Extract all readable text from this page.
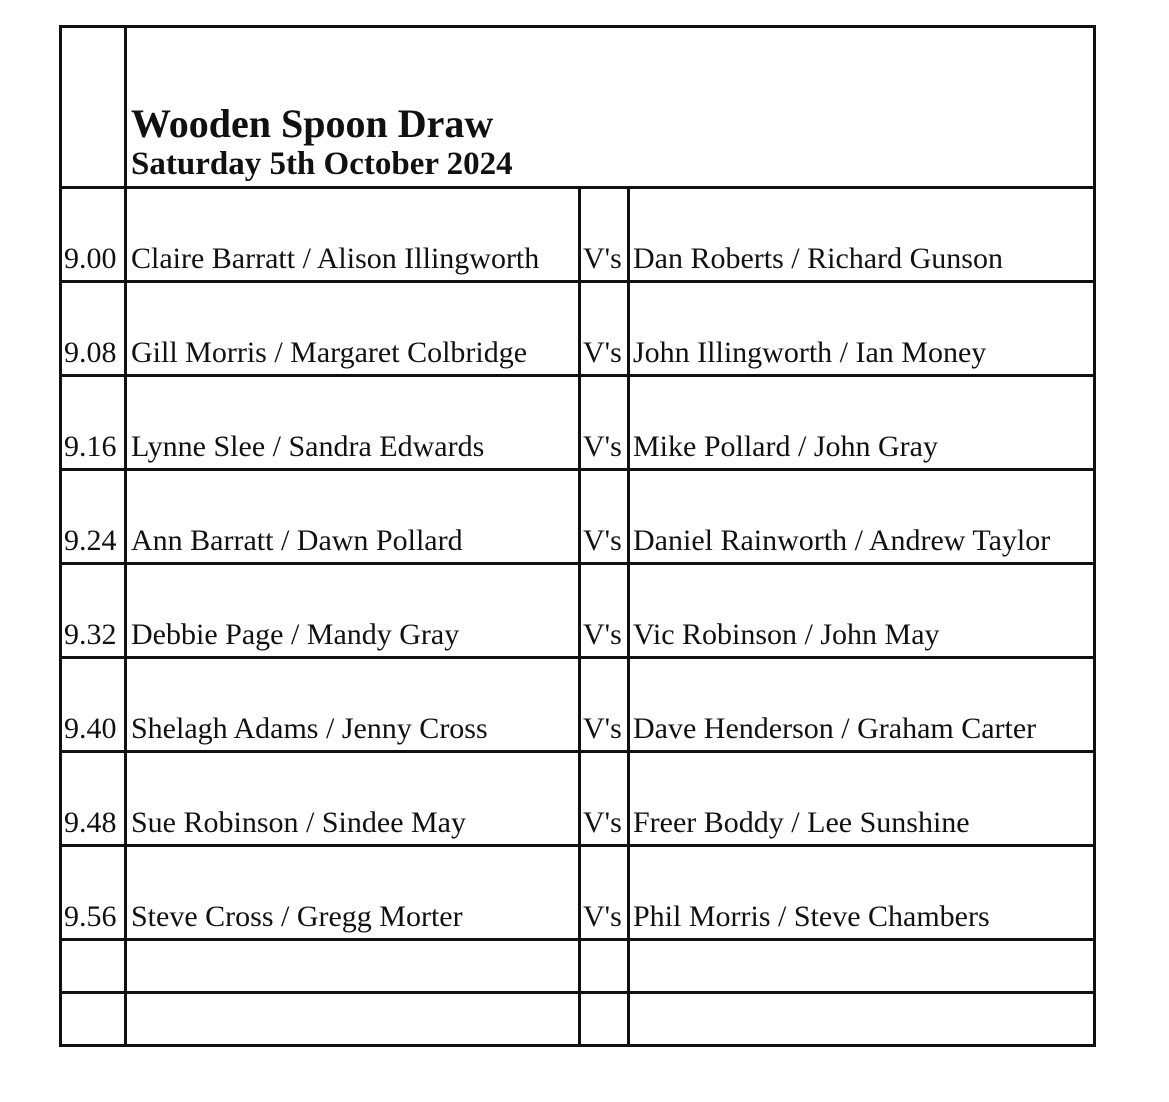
	Wooden Spoon Draw
Saturday 5th October 2024		

9.00	Claire Barratt / Alison Illingworth	V's	Dan Roberts / Richard Gunson

9.08	Gill Morris / Margaret Colbridge	V's	John Illingworth / Ian Money

9.16	Lynne Slee / Sandra Edwards	V's	Mike Pollard / John Gray

9.24	Ann Barratt / Dawn Pollard	V's	Daniel Rainworth / Andrew Taylor

9.32	Debbie Page / Mandy Gray	V's	Vic Robinson / John May

9.40	Shelagh Adams / Jenny Cross	V's	Dave Henderson / Graham Carter

9.48	Sue Robinson / Sindee May	V's	Freer Boddy / Lee Sunshine

9.56	Steve Cross / Gregg Morter	V's	Phil Morris / Steve Chambers
